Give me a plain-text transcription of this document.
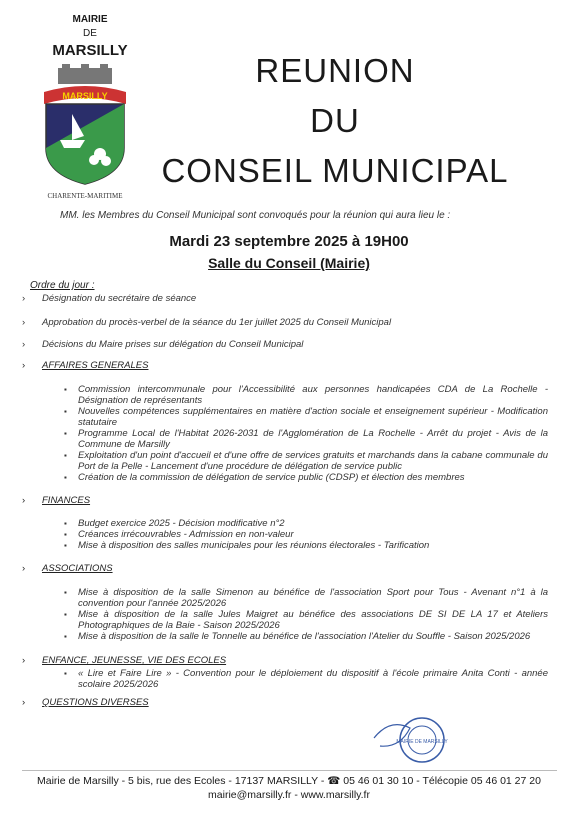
MAIRIE
DE
MARSILLY
MARSILLY
CHARENTE-MARITIME
REUNION
DU
CONSEIL MUNICIPAL
MM. les Membres du Conseil Municipal sont convoqués pour la réunion qui aura lieu le :
Mardi 23 septembre 2025 à 19H00
Salle du Conseil (Mairie)
Ordre du jour :
› Désignation du secrétaire de séance
› Approbation du procès-verbel de la séance du 1er juillet 2025 du Conseil Municipal
› Décisions du Maire prises sur délégation du Conseil Municipal
› AFFAIRES GENERALES
▪ Commission intercommunale pour l'Accessibilité aux personnes handicapées CDA de La Rochelle - Désignation de représentants
▪ Nouvelles compétences supplémentaires en matière d'action sociale et enseignement supérieur - Modification statutaire
▪ Programme Local de l'Habitat 2026-2031 de l'Agglomération de La Rochelle - Arrêt du projet - Avis de la Commune de Marsilly
▪ Exploitation d'un point d'accueil et d'une offre de services gratuits et marchands dans la cabane communale du Port de la Pelle - Lancement d'une procédure de délégation de service public
▪ Création de la commission de délégation de service public (CDSP) et élection des membres
› FINANCES
▪ Budget exercice 2025 - Décision modificative n°2
▪ Créances irrécouvrables - Admission en non-valeur
▪ Mise à disposition des salles municipales pour les réunions électorales - Tarification
› ASSOCIATIONS
▪ Mise à disposition de la salle Simenon au bénéfice de l'association Sport pour Tous - Avenant n°1 à la convention pour l'année 2025/2026
▪ Mise à disposition de la salle Jules Maigret au bénéfice des associations DE SI DE LA 17 et Ateliers Photographiques de la Baie - Saison 2025/2026
▪ Mise à disposition de la salle le Tonnelle au bénéfice de l'association l'Atelier du Souffle - Saison 2025/2026
› ENFANCE, JEUNESSE, VIE DES ECOLES
▪ « Lire et Faire Lire » - Convention pour le déploiement du dispositif à l'école primaire Anita Conti - année scolaire 2025/2026
› QUESTIONS DIVERSES
MAIRIE DE MARSILLY
Mairie de Marsilly - 5 bis, rue des Ecoles - 17137 MARSILLY - ☎ 05 46 01 30 10 - Télécopie 05 46 01 27 20
mairie@marsilly.fr - www.marsilly.fr
